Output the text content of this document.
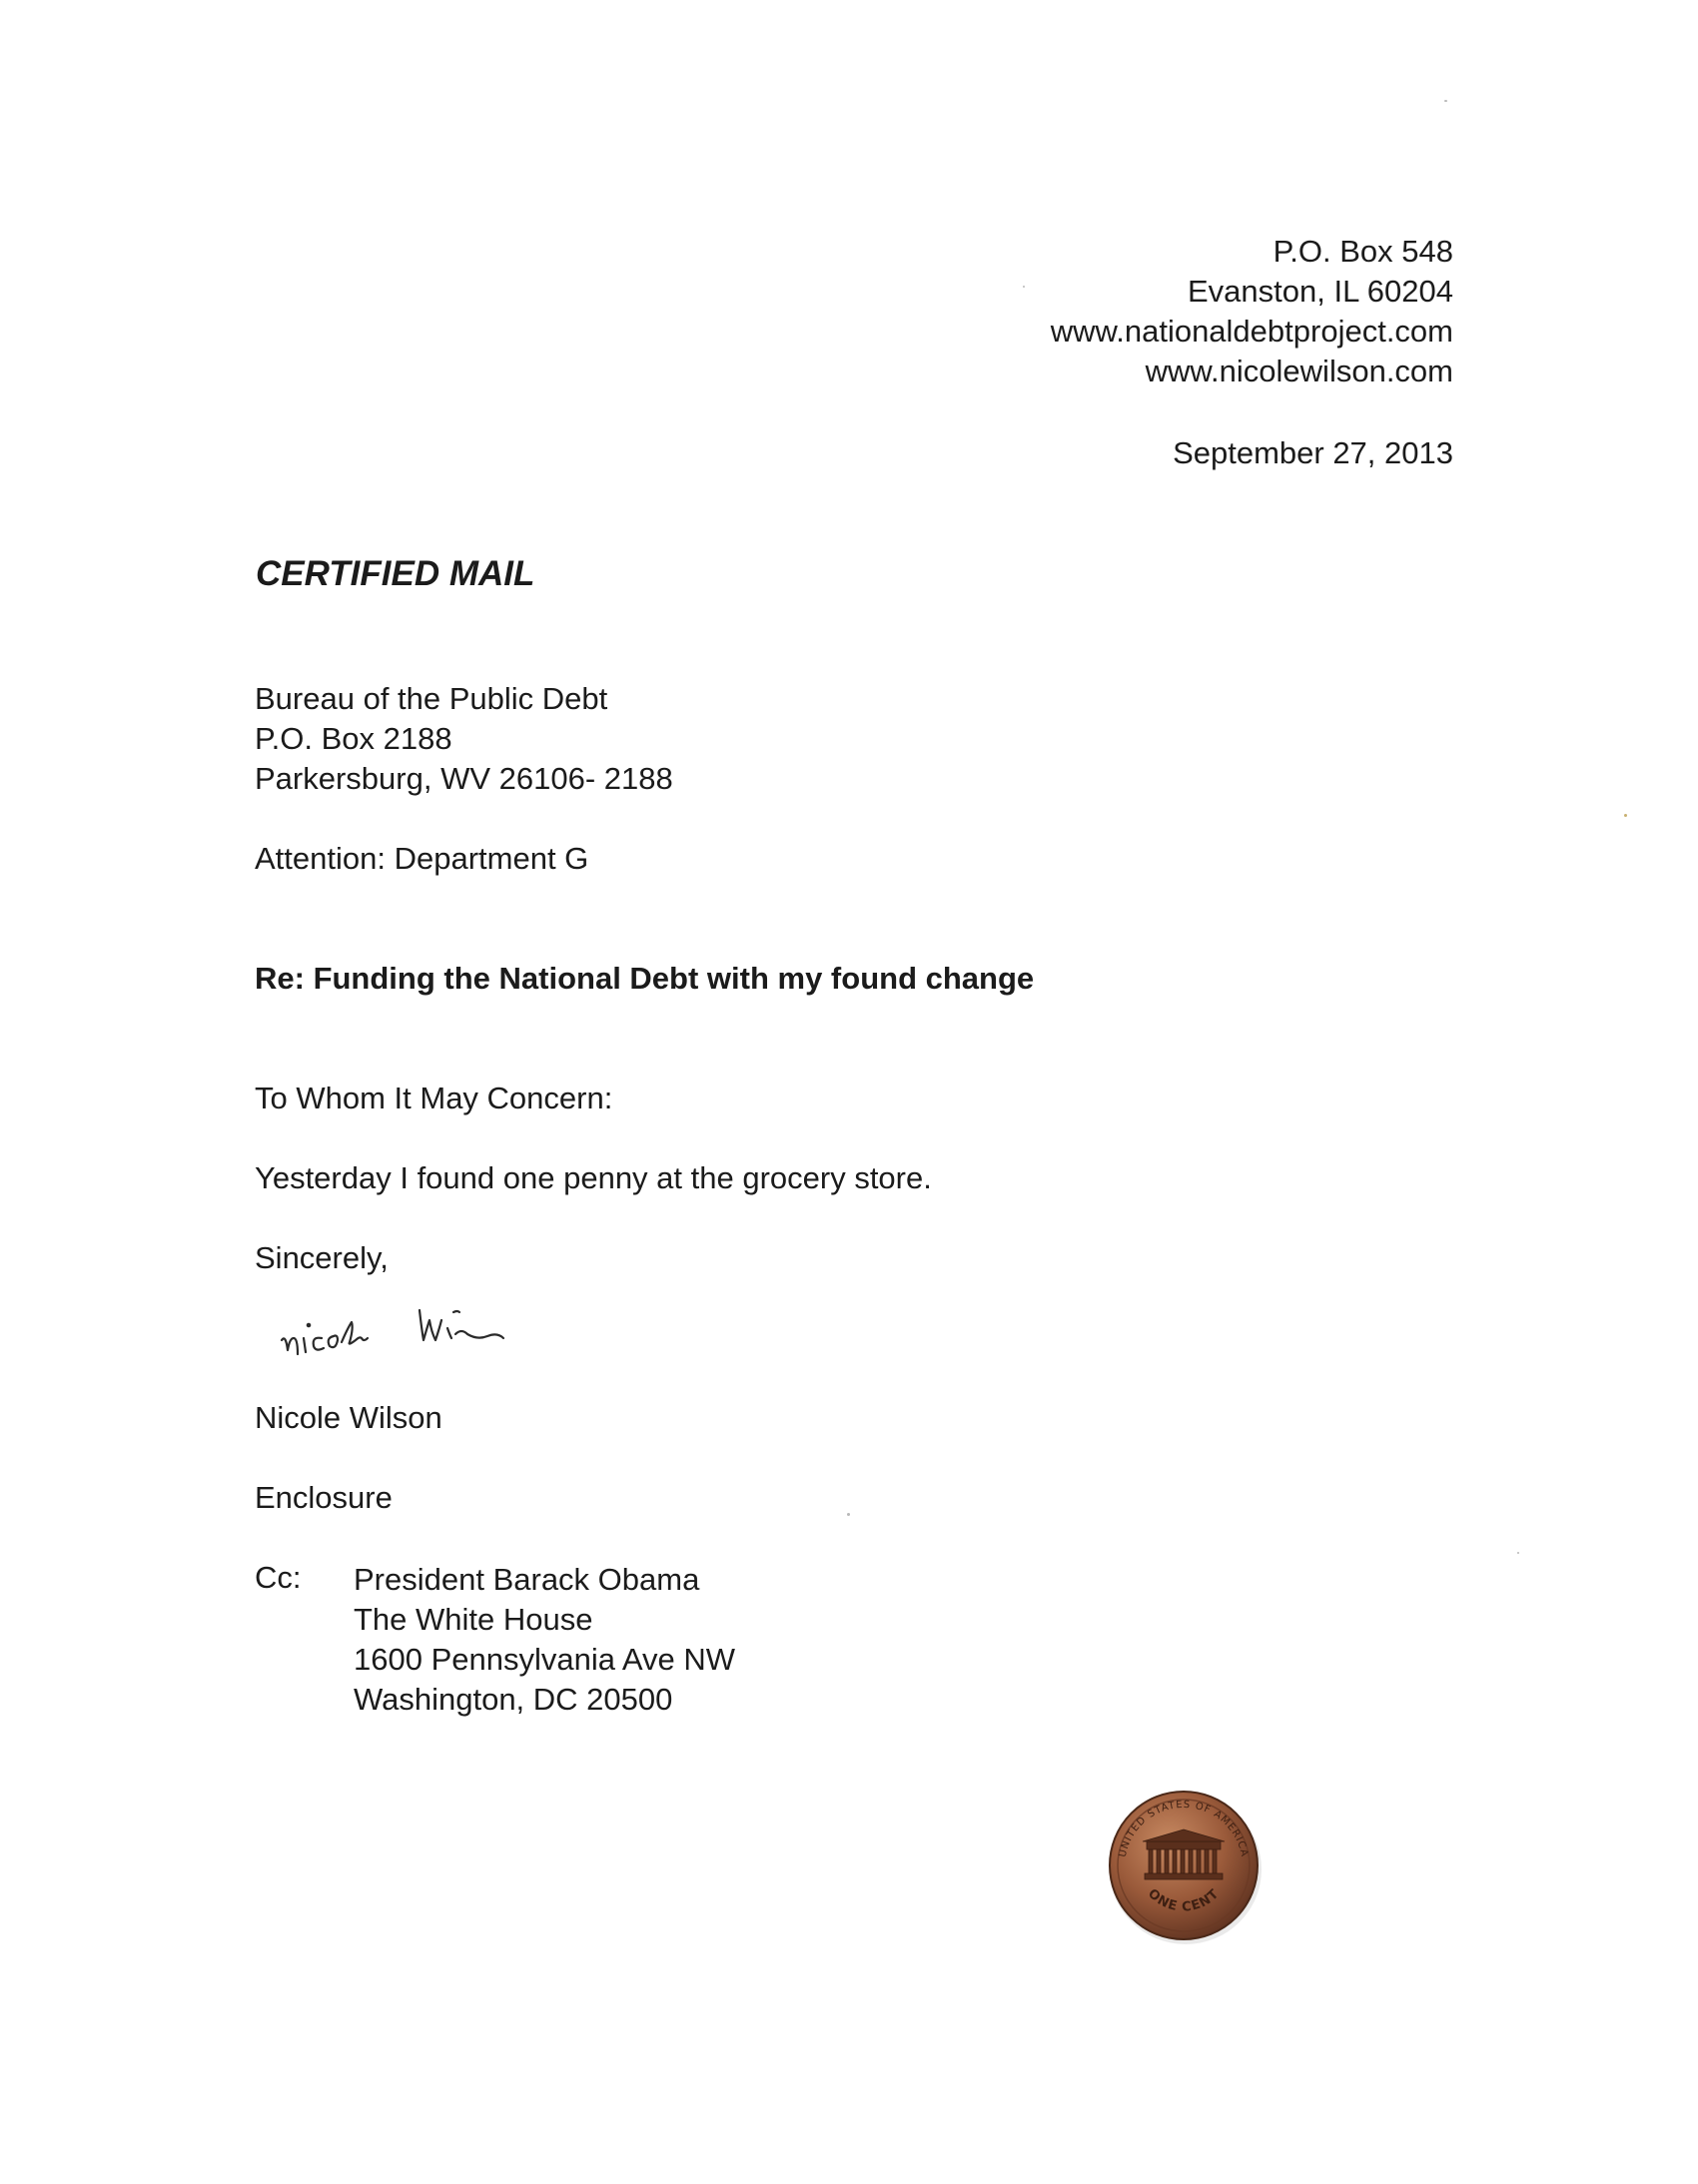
P.O. Box 548
Evanston, IL 60204
www.nationaldebtproject.com
www.nicolewilson.com
September 27, 2013
CERTIFIED MAIL
Bureau of the Public Debt
P.O. Box 2188
Parkersburg, WV 26106- 2188
Attention: Department G
Re: Funding the National Debt with my found change
To Whom It May Concern:
Yesterday I found one penny at the grocery store.
Sincerely,
Nicole Wilson
Enclosure
Cc: President Barack Obama
The White House
1600 Pennsylvania Ave NW
Washington, DC 20500
UNITED STATES OF AMERICA
ONE CENT
